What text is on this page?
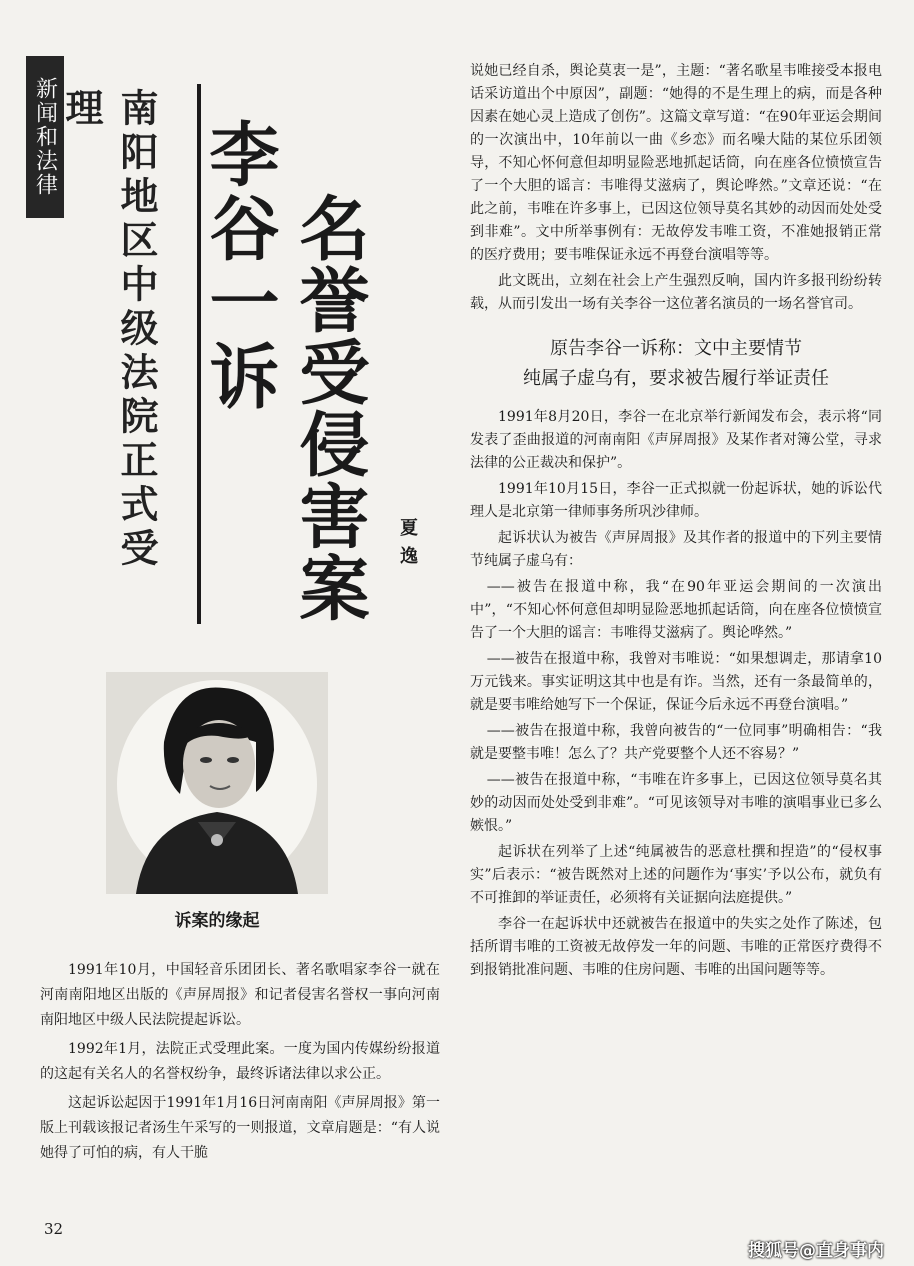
新闻和法律 南阳地区中级法院正式受理
李谷一诉 名誉受侵害案	夏逸
诉案的缘起

1991年10月，中国轻音乐团团长、著名歌唱家李谷一就在河南南阳地区出版的《声屏周报》和记者侵害名誉权一事向河南南阳地区中级人民法院提起诉讼。

1992年1月，法院正式受理此案。一度为国内传媒纷纷报道的这起有关名人的名誉权纷争，最终诉诸法律以求公正。

这起诉讼起因于1991年1月16日河南南阳《声屏周报》第一版上刊载该报记者汤生午采写的一则报道，文章肩题是：“有人说她得了可怕的病，有人干脆

说她已经自杀，舆论莫衷一是”，主题：“著名歌星韦唯接受本报电话采访道出个中原因”，副题：“她得的不是生理上的病，而是各种因素在她心灵上造成了创伤”。这篇文章写道：“在90年亚运会期间的一次演出中，10年前以一曲《乡恋》而名噪大陆的某位乐团领导，不知心怀何意但却明显险恶地抓起话筒，向在座各位愤愤宣告了一个大胆的谣言：韦唯得艾滋病了，舆论哗然。”文章还说：“在此之前，韦唯在许多事上，已因这位领导莫名其妙的动因而处处受到非难”。文中所举事例有：无故停发韦唯工资，不准她报销正常的医疗费用；要韦唯保证永远不再登台演唱等等。

此文既出，立刻在社会上产生强烈反响，国内许多报刊纷纷转载，从而引发出一场有关李谷一这位著名演员的一场名誉官司。

原告李谷一诉称：文中主要情节
纯属子虚乌有，要求被告履行举证责任

1991年8月20日，李谷一在北京举行新闻发布会，表示将“同发表了歪曲报道的河南南阳《声屏周报》及某作者对簿公堂，寻求法律的公正裁决和保护”。

1991年10月15日，李谷一正式拟就一份起诉状，她的诉讼代理人是北京第一律师事务所巩沙律师。

起诉状认为被告《声屏周报》及其作者的报道中的下列主要情节纯属子虚乌有：

——被告在报道中称，我“在90年亚运会期间的一次演出中”，“不知心怀何意但却明显险恶地抓起话筒，向在座各位愤愤宣告了一个大胆的谣言：韦唯得艾滋病了。舆论哗然。”

——被告在报道中称，我曾对韦唯说：“如果想调走，那请拿10万元钱来。事实证明这其中也是有诈。当然，还有一条最简单的，就是要韦唯给她写下一个保证，保证今后永远不再登台演唱。”

——被告在报道中称，我曾向被告的“一位同事”明确相告：“我就是要整韦唯！怎么了？共产党要整个人还不容易？”

——被告在报道中称，“韦唯在许多事上，已因这位领导莫名其妙的动因而处处受到非难”。“可见该领导对韦唯的演唱事业已多么嫉恨。”

起诉状在列举了上述“纯属被告的恶意杜撰和捏造”的“侵权事实”后表示：“被告既然对上述的问题作为‘事实’予以公布，就负有不可推卸的举证责任，必须将有关证据向法庭提供。”

李谷一在起诉状中还就被告在报道中的失实之处作了陈述，包括所谓韦唯的工资被无故停发一年的问题、韦唯的正常医疗费得不到报销批准问题、韦唯的住房问题、韦唯的出国问题等等。

32
搜狐号@直身事内
